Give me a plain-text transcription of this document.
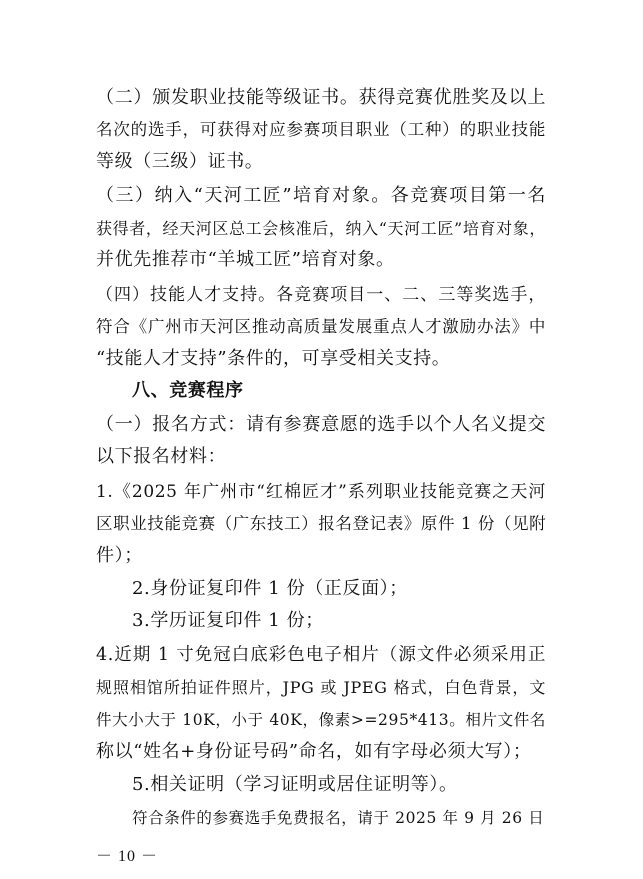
（二）颁发职业技能等级证书。获得竞赛优胜奖及以上
名次的选手，可获得对应参赛项目职业（工种）的职业技能
等级（三级）证书。
（三）纳入“天河工匠”培育对象。各竞赛项目第一名
获得者，经天河区总工会核准后，纳入“天河工匠”培育对象，
并优先推荐市“羊城工匠”培育对象。
（四）技能人才支持。各竞赛项目一、二、三等奖选手，
符合《广州市天河区推动高质量发展重点人才激励办法》中
“技能人才支持”条件的，可享受相关支持。
八、竞赛程序
（一）报名方式：请有参赛意愿的选手以个人名义提交
以下报名材料：
1.《2025 年广州市“红棉匠才”系列职业技能竞赛之天河
区职业技能竞赛（广东技工）报名登记表》原件 1 份（见附
件）；
2.身份证复印件 1 份（正反面）；
3.学历证复印件 1 份；
4.近期 1 寸免冠白底彩色电子相片（源文件必须采用正
规照相馆所拍证件照片，JPG 或 JPEG 格式，白色背景，文
件大小大于 10K，小于 40K，像素>=295*413。相片文件名
称以“姓名+身份证号码”命名，如有字母必须大写）；
5.相关证明（学习证明或居住证明等）。
符合条件的参赛选手免费报名，请于 2025 年 9 月 26 日
－ 10 －
